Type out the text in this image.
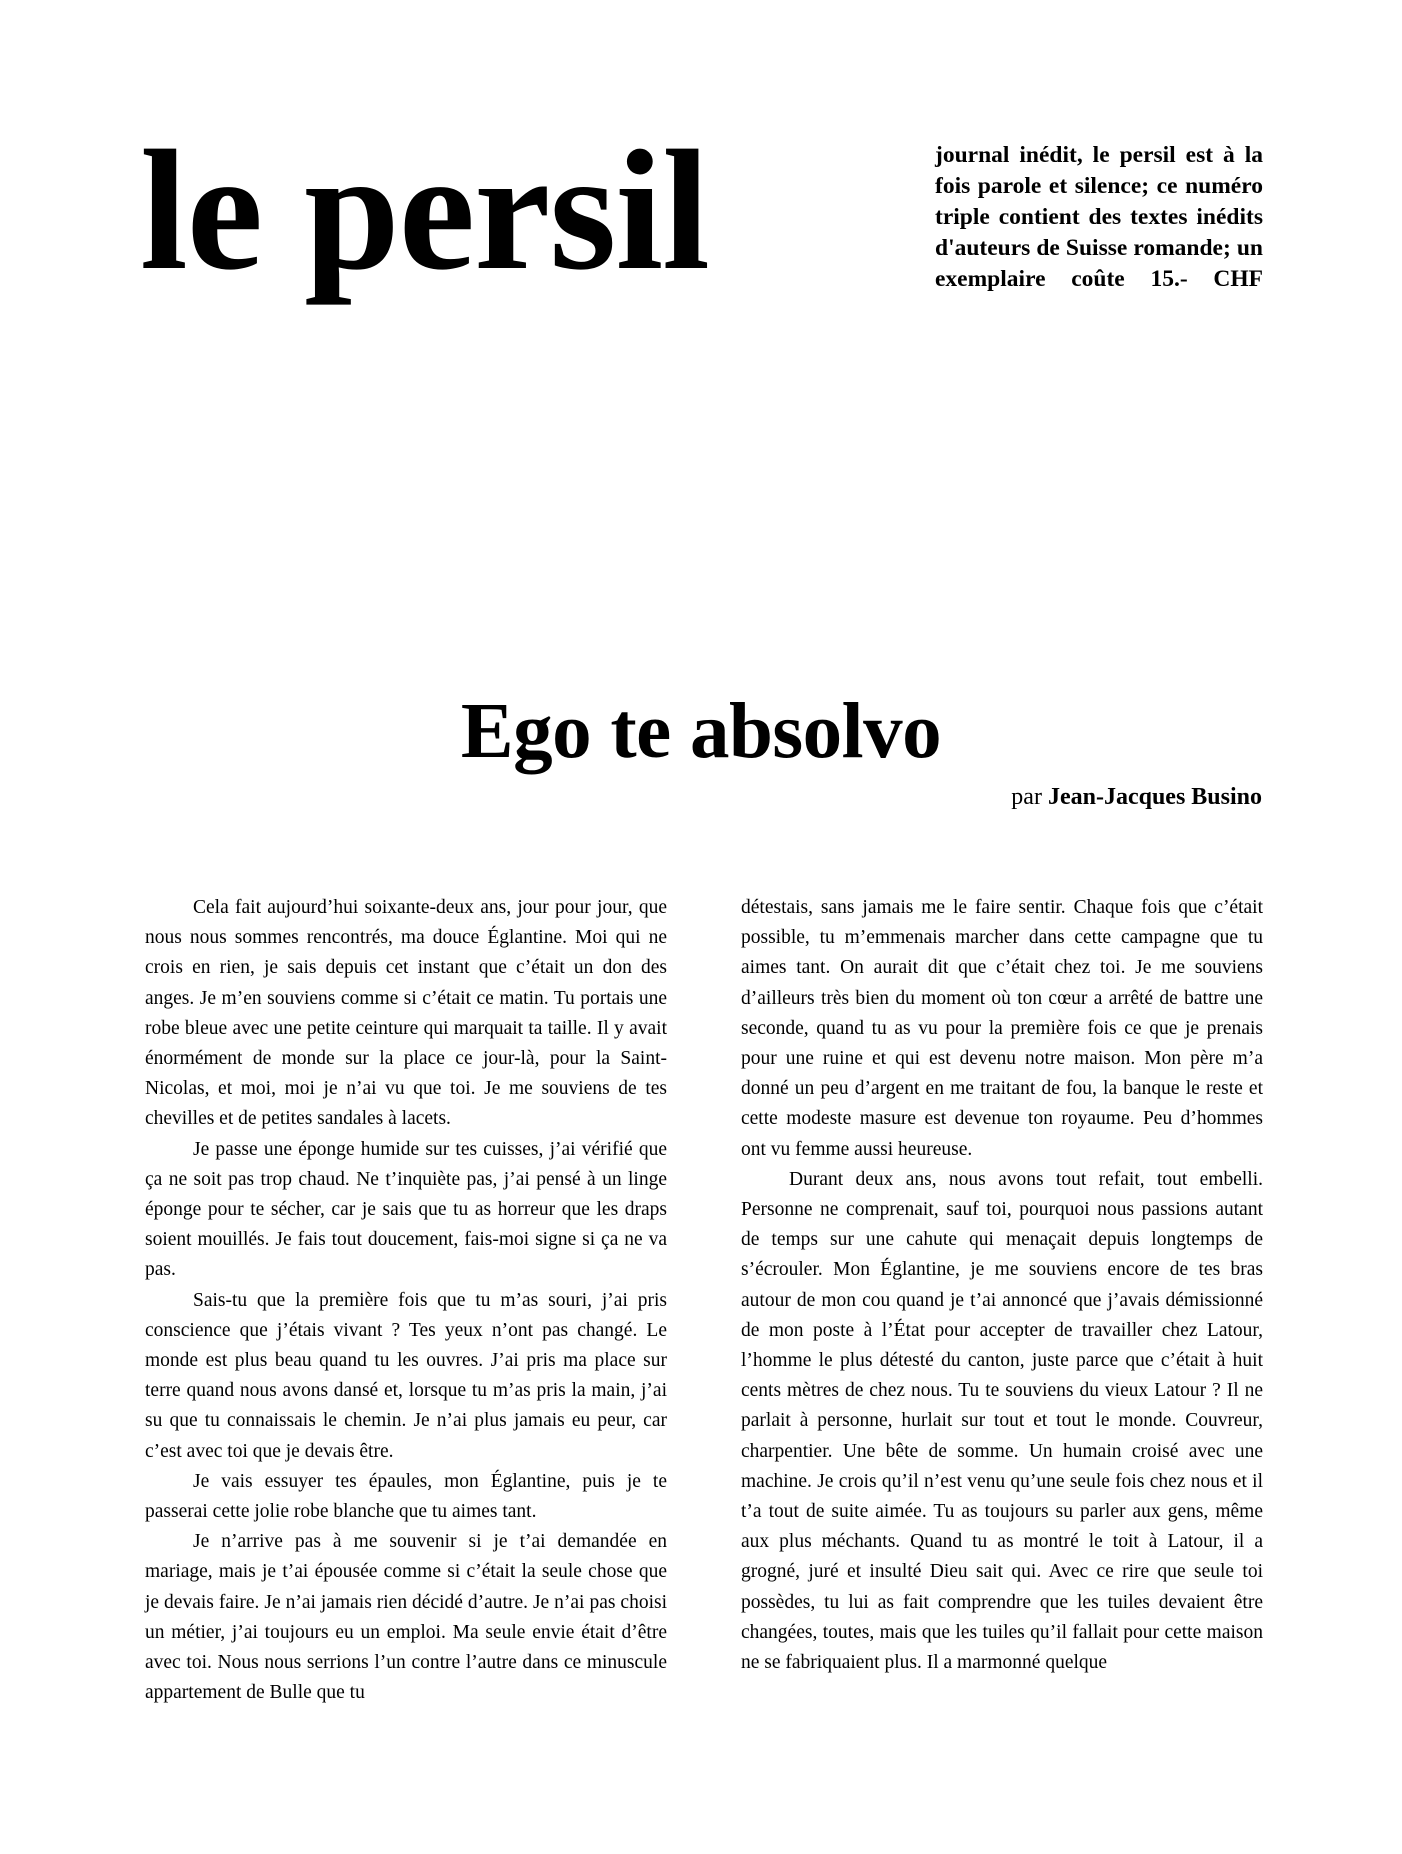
le persil	journal inédit, le persil est à la fois parole et silence; ce numéro triple contient des textes inédits d'auteurs de Suisse romande; un exemplaire coûte 15.- CHF

Ego te absolvo

par Jean-Jacques Busino

Cela fait aujourd’hui soixante-deux ans, jour pour jour, que nous nous sommes rencontrés, ma douce Églantine. Moi qui ne crois en rien, je sais depuis cet instant que c’était un don des anges. Je m’en souviens comme si c’était ce matin. Tu portais une robe bleue avec une petite ceinture qui marquait ta taille. Il y avait énormément de monde sur la place ce jour-là, pour la Saint-Nicolas, et moi, moi je n’ai vu que toi. Je me souviens de tes chevilles et de petites sandales à lacets.

Je passe une éponge humide sur tes cuisses, j’ai vérifié que ça ne soit pas trop chaud. Ne t’inquiète pas, j’ai pensé à un linge éponge pour te sécher, car je sais que tu as horreur que les draps soient mouillés. Je fais tout doucement, fais-moi signe si ça ne va pas.

Sais-tu que la première fois que tu m’as souri, j’ai pris conscience que j’étais vivant ? Tes yeux n’ont pas changé. Le monde est plus beau quand tu les ouvres. J’ai pris ma place sur terre quand nous avons dansé et, lorsque tu m’as pris la main, j’ai su que tu connaissais le chemin. Je n’ai plus jamais eu peur, car c’est avec toi que je devais être.

Je vais essuyer tes épaules, mon Églantine, puis je te passerai cette jolie robe blanche que tu aimes tant.

Je n’arrive pas à me souvenir si je t’ai demandée en mariage, mais je t’ai épousée comme si c’était la seule chose que je devais faire. Je n’ai jamais rien décidé d’autre. Je n’ai pas choisi un métier, j’ai toujours eu un emploi. Ma seule envie était d’être avec toi. Nous nous serrions l’un contre l’autre dans ce minuscule appartement de Bulle que tu

détestais, sans jamais me le faire sentir. Chaque fois que c’était possible, tu m’emmenais marcher dans cette campagne que tu aimes tant. On aurait dit que c’était chez toi. Je me souviens d’ailleurs très bien du moment où ton cœur a arrêté de battre une seconde, quand tu as vu pour la première fois ce que je prenais pour une ruine et qui est devenu notre maison. Mon père m’a donné un peu d’argent en me traitant de fou, la banque le reste et cette modeste masure est devenue ton royaume. Peu d’hommes ont vu femme aussi heureuse.

Durant deux ans, nous avons tout refait, tout embelli. Personne ne comprenait, sauf toi, pourquoi nous passions autant de temps sur une cahute qui menaçait depuis longtemps de s’écrouler. Mon Églantine, je me souviens encore de tes bras autour de mon cou quand je t’ai annoncé que j’avais démissionné de mon poste à l’État pour accepter de travailler chez Latour, l’homme le plus détesté du canton, juste parce que c’était à huit cents mètres de chez nous. Tu te souviens du vieux Latour ? Il ne parlait à personne, hurlait sur tout et tout le monde. Couvreur, charpentier. Une bête de somme. Un humain croisé avec une machine. Je crois qu’il n’est venu qu’une seule fois chez nous et il t’a tout de suite aimée. Tu as toujours su parler aux gens, même aux plus méchants. Quand tu as montré le toit à Latour, il a grogné, juré et insulté Dieu sait qui. Avec ce rire que seule toi possèdes, tu lui as fait comprendre que les tuiles devaient être changées, toutes, mais que les tuiles qu’il fallait pour cette maison ne se fabriquaient plus. Il a marmonné quelque
